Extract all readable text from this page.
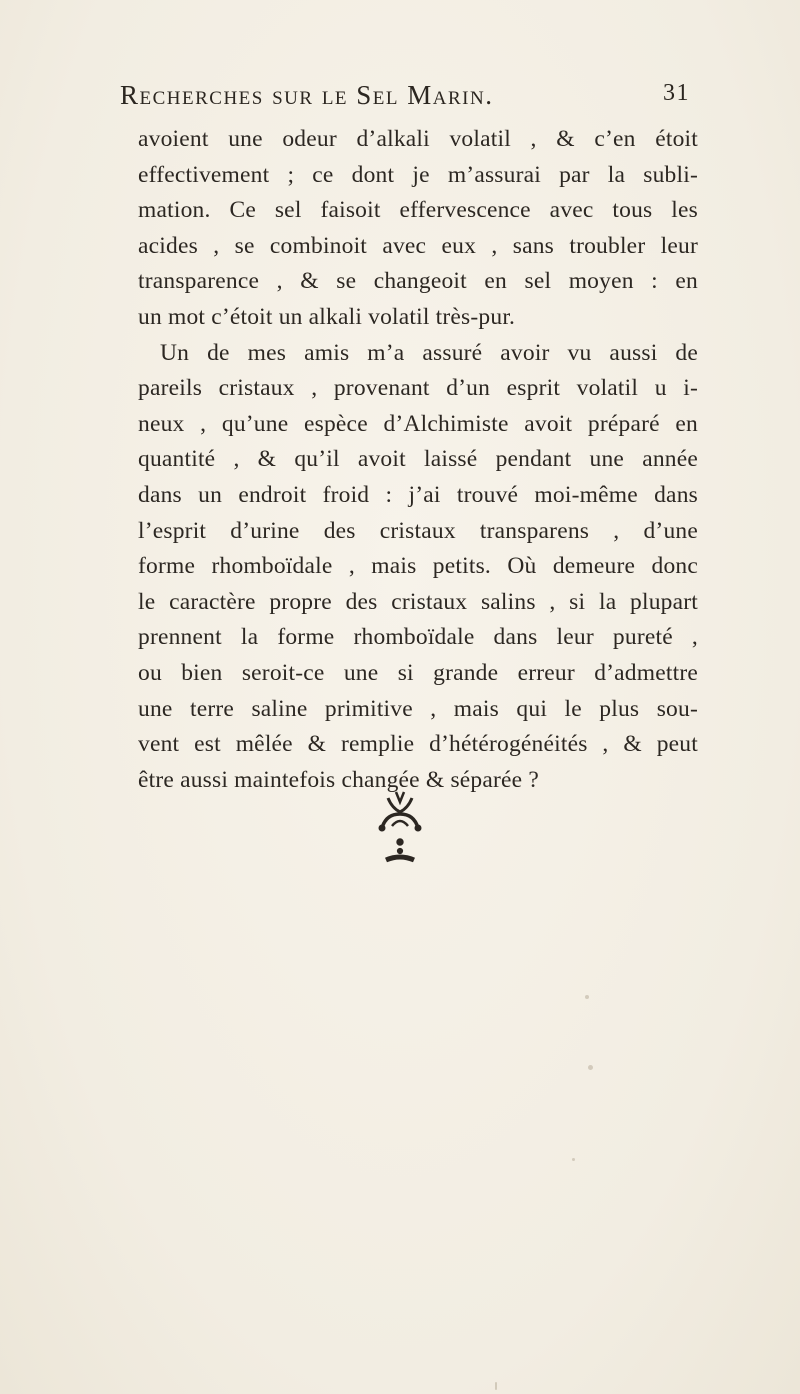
Recherches sur le Sel Marin.	31
avoient une odeur d’alkali volatil , & c’en étoit
effectivement ; ce dont je m’assurai par la subli-
mation. Ce sel faisoit effervescence avec tous les
acides , se combinoit avec eux , sans troubler leur
transparence , & se changeoit en sel moyen : en
un mot c’étoit un alkali volatil très-pur.
Un de mes amis m’a assuré avoir vu aussi de
pareils cristaux , provenant d’un esprit volatil u i-
neux , qu’une espèce d’Alchimiste avoit préparé en
quantité , & qu’il avoit laissé pendant une année
dans un endroit froid : j’ai trouvé moi-même dans
l’esprit d’urine des cristaux transparens , d’une
forme rhomboïdale , mais petits. Où demeure donc
le caractère propre des cristaux salins , si la plupart
prennent la forme rhomboïdale dans leur pureté ,
ou bien seroit-ce une si grande erreur d’admettre
une terre saline primitive , mais qui le plus sou-
vent est mêlée & remplie d’hétérogénéités , & peut
être aussi maintefois changée & séparée ?
